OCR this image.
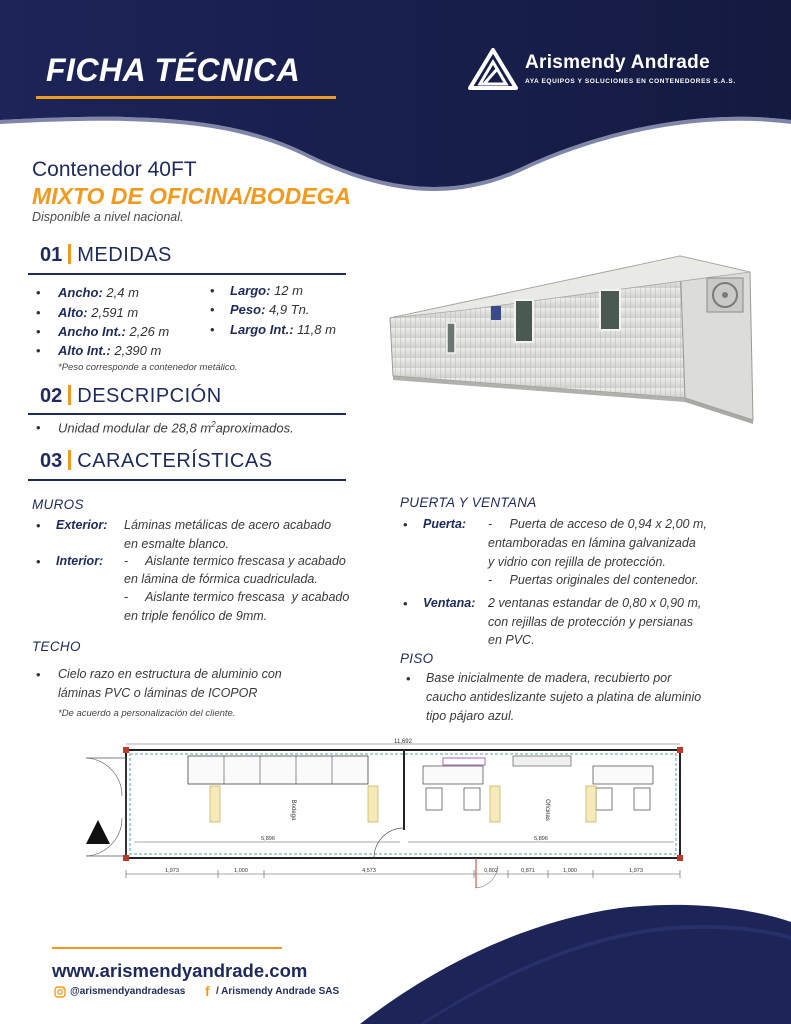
FICHA TÉCNICA	Arismendy Andrade
AYA EQUIPOS Y SOLUCIONES EN CONTENEDORES S.A.S.
Contenedor 40FT
MIXTO DE OFICINA/BODEGA
Disponible a nivel nacional.
01 MEDIDAS
• Ancho: 2,4 m
• Alto: 2,591 m
• Ancho Int.: 2,26 m
• Alto Int.: 2,390 m
• Largo: 12 m
• Peso: 4,9 Tn.
• Largo Int.: 11,8 m
*Peso corresponde a contenedor metálico.
02 DESCRIPCIÓN
• Unidad modular de 28,8 $m^2aproximados$.
03 CARACTERÍSTICAS
MUROS
• Exterior: Láminas metálicas de acero acabado
en esmalte blanco.
• Interior: -     Aislante termico frescasa y acabado
en lámina de fórmica cuadriculada.
-     Aislante termico frescasa  y acabado
en triple fenólico de 9mm.
TECHO
• Cielo razo en estructura de aluminio con
láminas PVC o láminas de ICOPOR
*De acuerdo a personalización del cliente.
PUERTA Y VENTANA
• Puerta: -     Puerta de acceso de 0,94 x 2,00 m,
entamboradas en lámina galvanizada
y vidrio con rejilla de protección.
-     Puertas originales del contenedor.
• Ventana: 2 ventanas estandar de 0,80 x 0,90 m,
con rejillas de protección y persianas
en PVC.
PISO
• Base inicialmente de madera, recubierto por
caucho antideslizante sujeto a platina de aluminio
tipo pájaro azul.
11,692
Bodega	Oficinas
5,896	5,896
1,973	1,000	4,573	0,802	0,871	1,000	1,973
www.arismendyandrade.com
@arismendyandradesas f / Arismendy Andrade SAS
